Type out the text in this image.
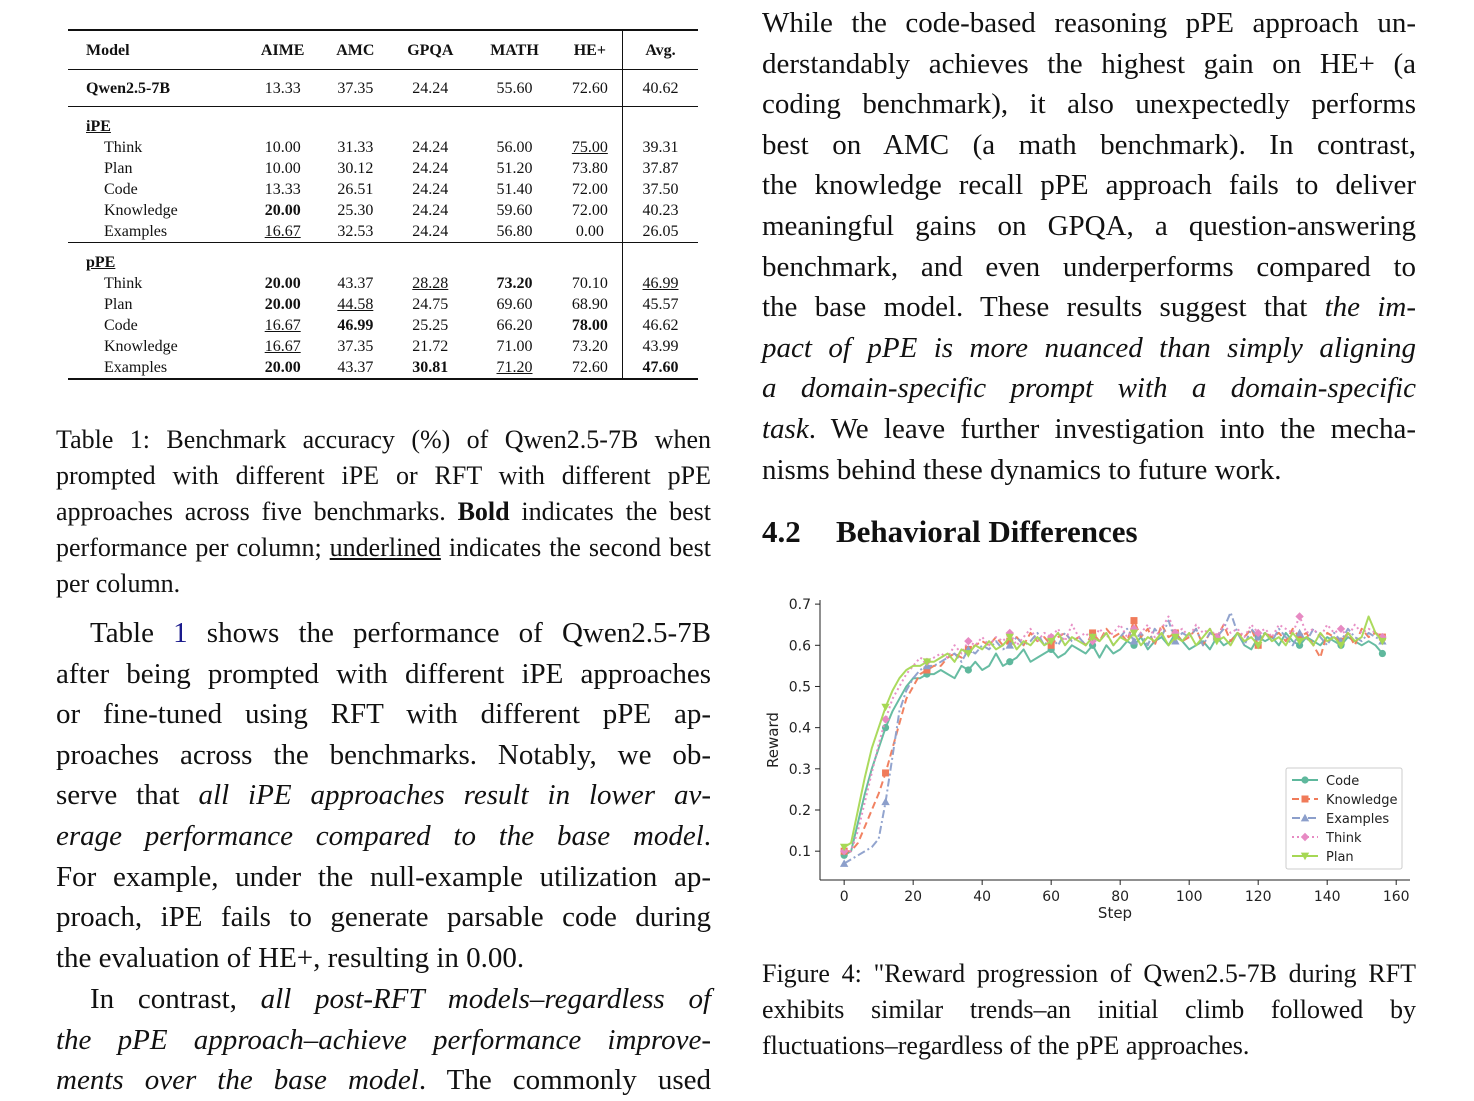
Model	AIME	AMC	GPQA	MATH	HE+	Avg.
Qwen2.5-7B	13.33	37.35	24.24	55.60	72.60	40.62
iPE						
Think	10.00	31.33	24.24	56.00	75.00	39.31
Plan	10.00	30.12	24.24	51.20	73.80	37.87
Code	13.33	26.51	24.24	51.40	72.00	37.50
Knowledge	20.00	25.30	24.24	59.60	72.00	40.23
Examples	16.67	32.53	24.24	56.80	0.00	26.05
pPE						
Think	20.00	43.37	28.28	73.20	70.10	46.99
Plan	20.00	44.58	24.75	69.60	68.90	45.57
Code	16.67	46.99	25.25	66.20	78.00	46.62
Knowledge	16.67	37.35	21.72	71.00	73.20	43.99
Examples	20.00	43.37	30.81	71.20	72.60	47.60

Table 1: Benchmark accuracy (%) of Qwen2.5-7B when prompted with different iPE or RFT with different pPE approaches across five benchmarks. Bold indicates the best performance per column; underlined indicates the second best per column.

Table 1 shows the performance of Qwen2.5-7B
after being prompted with different iPE approaches
or fine-tuned using RFT with different pPE ap-
proaches across the benchmarks. Notably, we ob-
serve that all iPE approaches result in lower av-
erage performance compared to the base model.
For example, under the null-example utilization ap-
proach, iPE fails to generate parsable code during
the evaluation of HE+, resulting in 0.00.
In contrast, all post-RFT models–regardless of
the pPE approach–achieve performance improve-
ments over the base model. The commonly used
While the code-based reasoning pPE approach un-
derstandably achieves the highest gain on HE+ (a
coding benchmark), it also unexpectedly performs
best on AMC (a math benchmark). In contrast,
the knowledge recall pPE approach fails to deliver
meaningful gains on GPQA, a question-answering
benchmark, and even underperforms compared to
the base model. These results suggest that the im-
pact of pPE is more nuanced than simply aligning
a domain-specific prompt with a domain-specific
task. We leave further investigation into the mecha-
nisms behind these dynamics to future work.
4.2 Behavioral Differences
0	20	40	60	80	100	120	140	160
0.1
0.2
0.3
0.4
0.5
0.6
0.7
Step
Reward
Code
Knowledge
Examples
Think
Plan

Figure 4: "Reward progression of Qwen2.5-7B during RFT exhibits similar trends–an initial climb followed by fluctuations–regardless of the pPE approaches.
